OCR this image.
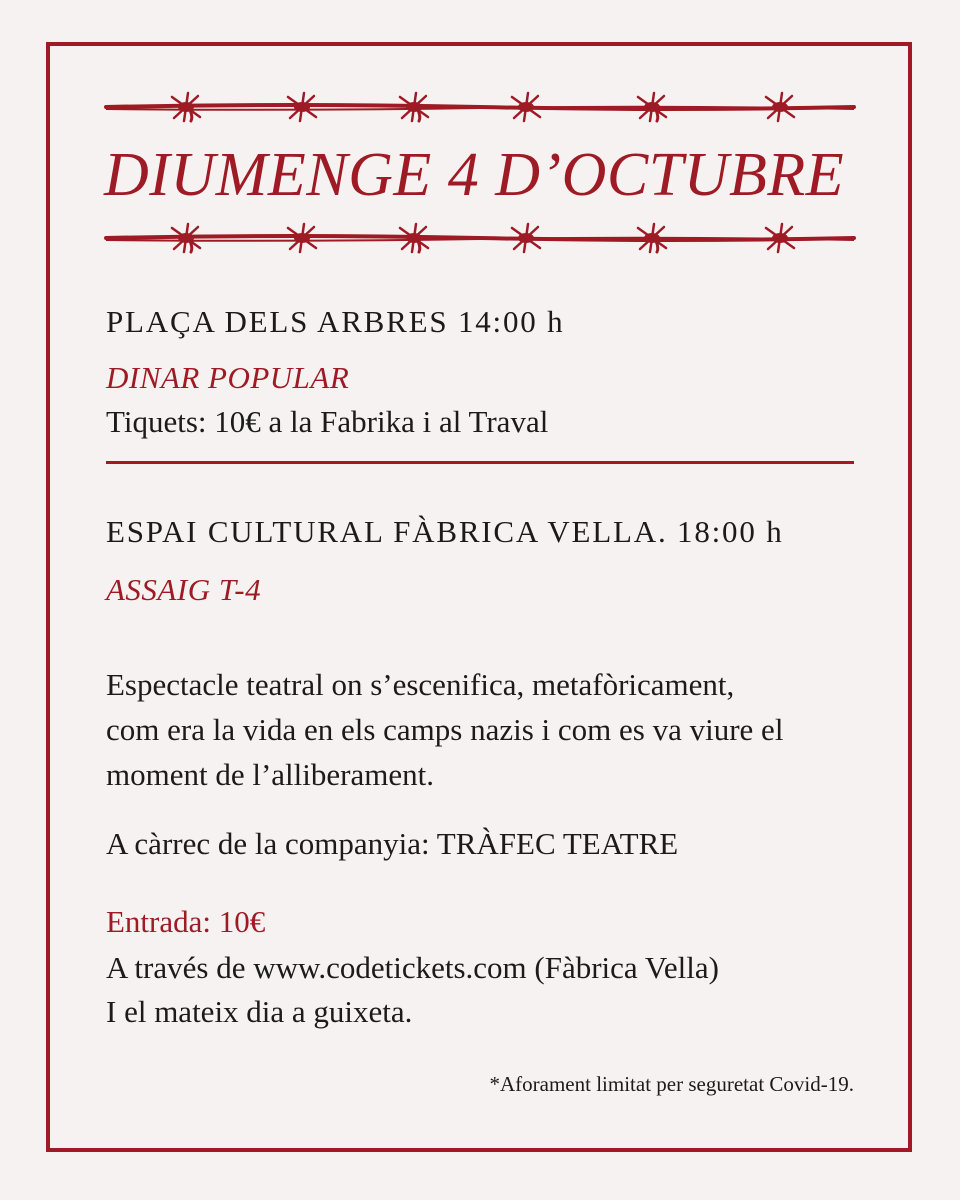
DIUMENGE 4 D’OCTUBRE
PLAÇA DELS ARBRES 14:00 h
DINAR POPULAR
Tiquets: 10€ a la Fabrika i al Traval
ESPAI CULTURAL FÀBRICA VELLA. 18:00 h
ASSAIG T-4
Espectacle teatral on s’escenifica, metafòricament,
com era la vida en els camps nazis i com es va viure el
moment de l’alliberament.
A càrrec de la companyia: TRÀFEC TEATRE
Entrada: 10€
A través de www.codetickets.com (Fàbrica Vella)
I el mateix dia a guixeta.
*Aforament limitat per seguretat Covid-19.
